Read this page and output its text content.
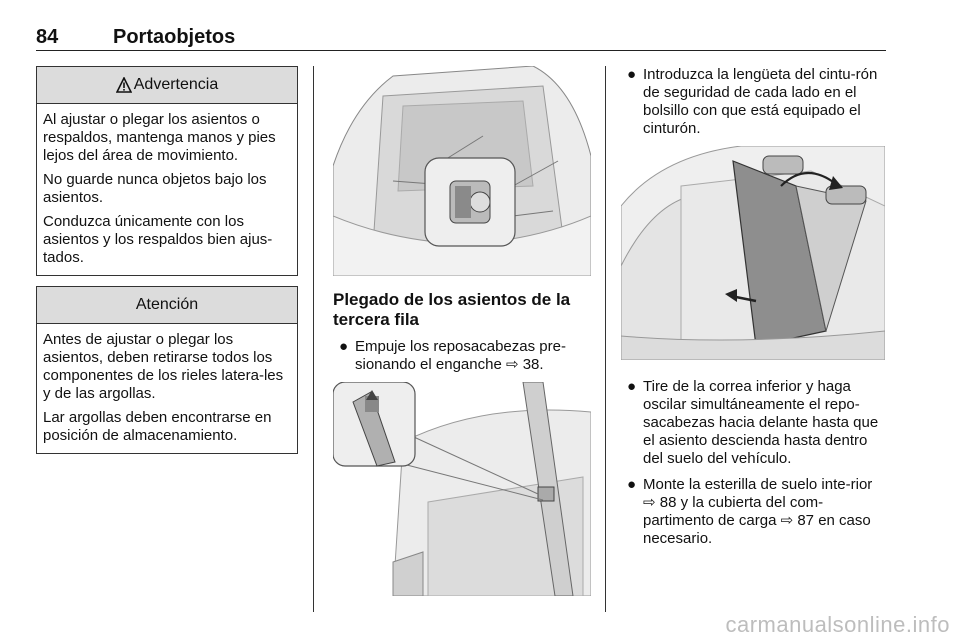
84	Portaobjetos
Advertencia

Al ajustar o plegar los asientos o respaldos, mantenga manos y pies lejos del área de movimiento.

No guarde nunca objetos bajo los asientos.

Conduzca únicamente con los asientos y los respaldos bien ajus-tados.

Atención

Antes de ajustar o plegar los asientos, deben retirarse todos los componentes de los rieles latera-les y de las argollas.

Lar argollas deben encontrarse en posición de almacenamiento.

Plegado de los asientos de la tercera fila
● Empuje los reposacabezas pre-sionando el enganche ⇨ 38.
● Introduzca la lengüeta del cintu-rón de seguridad de cada lado en el bolsillo con que está equipado el cinturón.
● Tire de la correa inferior y haga oscilar simultáneamente el repo-sacabezas hacia delante hasta que el asiento descienda hasta dentro del suelo del vehículo.
● Monte la esterilla de suelo inte-rior ⇨ 88 y la cubierta del com-partimento de carga ⇨ 87 en caso necesario.
carmanualsonline.info
